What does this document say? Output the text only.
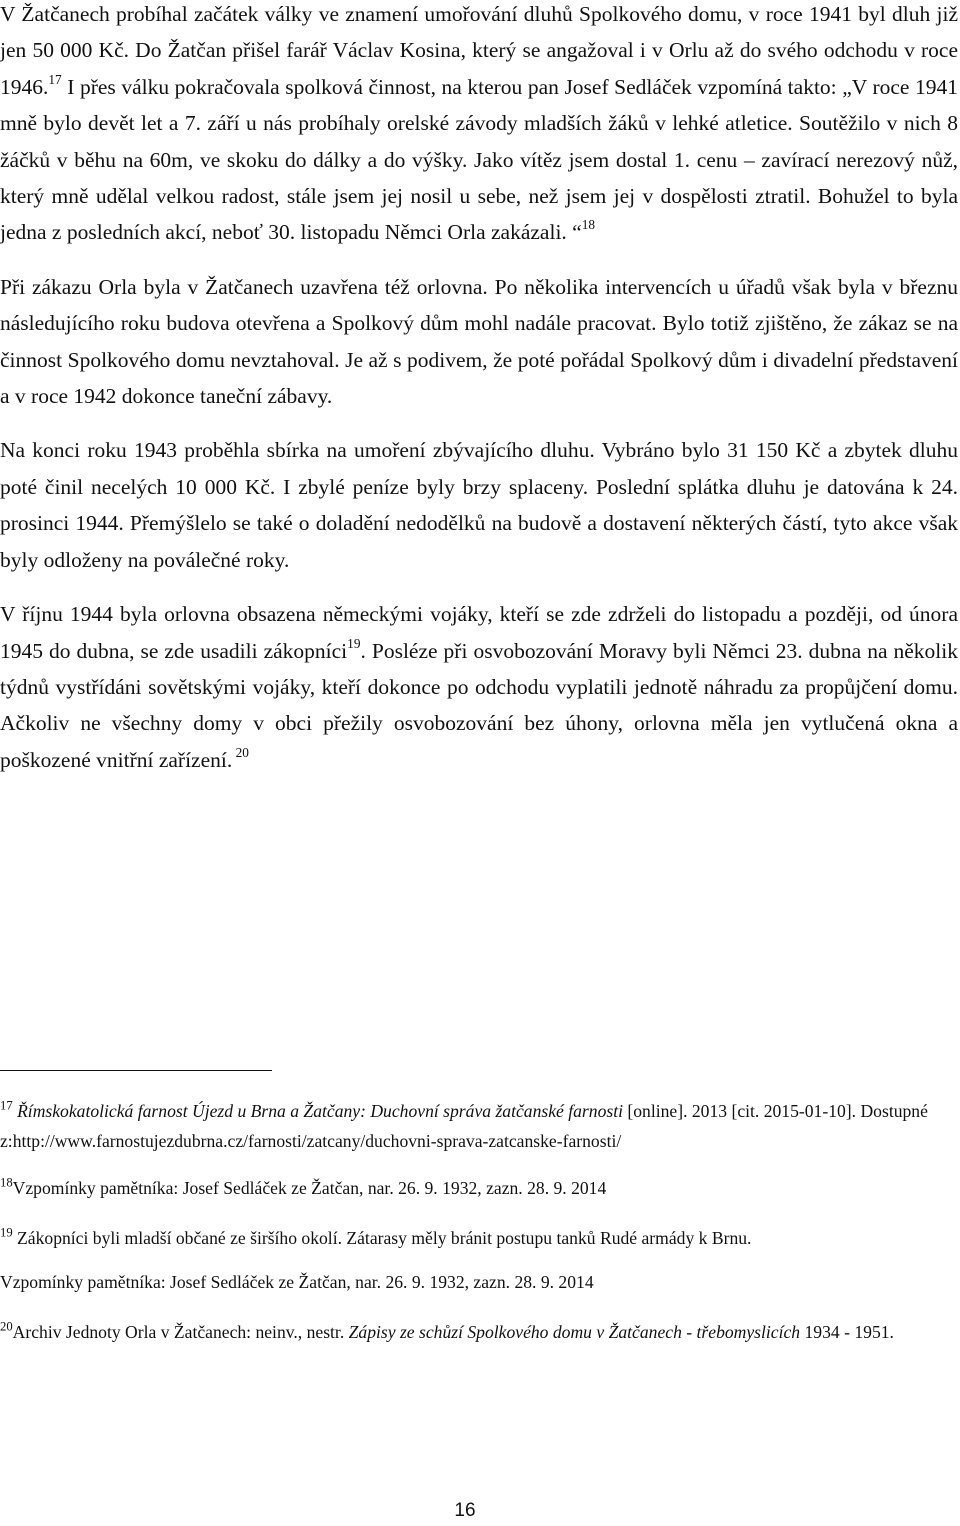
V Žatčanech probíhal začátek války ve znamení umořování dluhů Spolkového domu, v roce 1941 byl dluh již jen 50 000 Kč. Do Žatčan přišel farář Václav Kosina, který se angažoval i v Orlu až do svého odchodu v roce 1946.17 I přes válku pokračovala spolková činnost, na kterou pan Josef Sedláček vzpomíná takto: „V roce 1941 mně bylo devět let a 7. září u nás probíhaly orelské závody mladších žáků v lehké atletice. Soutěžilo v nich 8 žáčků v běhu na 60m, ve skoku do dálky a do výšky. Jako vítěz jsem dostal 1. cenu – zavírací nerezový nůž, který mně udělal velkou radost, stále jsem jej nosil u sebe, než jsem jej v dospělosti ztratil. Bohužel to byla jedna z posledních akcí, neboť 30. listopadu Němci Orla zakázali. “$^{18}$

Při zákazu Orla byla v Žatčanech uzavřena též orlovna. Po několika intervencích u úřadů však byla v březnu následujícího roku budova otevřena a Spolkový dům mohl nadále pracovat. Bylo totiž zjištěno, že zákaz se na činnost Spolkového domu nevztahoval. Je až s podivem, že poté pořádal Spolkový dům i divadelní představení a v roce 1942 dokonce taneční zábavy.

Na konci roku 1943 proběhla sbírka na umoření zbývajícího dluhu. Vybráno bylo 31 150 Kč a zbytek dluhu poté činil necelých 10 000 Kč. I zbylé peníze byly brzy splaceny. Poslední splátka dluhu je datována k 24. prosinci 1944. Přemýšlelo se také o doladění nedodělků na budově a dostavení některých částí, tyto akce však byly odloženy na poválečné roky.

V říjnu 1944 byla orlovna obsazena německými vojáky, kteří se zde zdrželi do listopadu a později, od února 1945 do dubna, se zde usadili zákopníci$^{19}$. Posléze při osvobozování Moravy byli Němci 23. dubna na několik týdnů vystřídáni sovětskými vojáky, kteří dokonce po odchodu vyplatili jednotě náhradu za propůjčení domu. Ačkoliv ne všechny domy v obci přežily osvobozování bez úhony, orlovna měla jen vytlučená okna a poškozené vnitřní zařízení. $^{20}$

$^{17}$ Římskokatolická farnost Újezd u Brna a Žatčany: Duchovní správa žatčanské farnosti [online]. 2013 [cit. 2015-01-10]. Dostupné z:http://www.farnostujezdubrna.cz/farnosti/zatcany/duchovni-sprava-zatcanske-farnosti/

$^{18}$Vzpomínky pamětníka: Josef Sedláček ze Žatčan, nar. 26. 9. 1932, zazn. 28. 9. 2014

$^{19}$ Zákopníci byli mladší občané ze širšího okolí. Zátarasy měly bránit postupu tanků Rudé armády k Brnu.

Vzpomínky pamětníka: Josef Sedláček ze Žatčan, nar. 26. 9. 1932, zazn. 28. 9. 2014

$^{20}$Archiv Jednoty Orla v Žatčanech: neinv., nestr. Zápisy ze schůzí Spolkového domu v Žatčanech - třebomyslicích 1934 - 1951.

16
